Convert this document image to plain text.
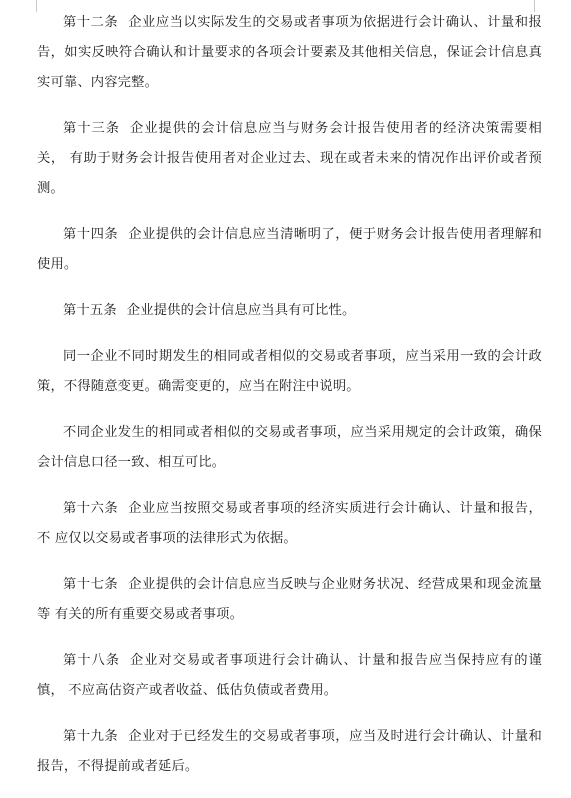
第十二条 企业应当以实际发生的交易或者事项为依据进行会计确认、计量和报告，如实反映符合确认和计量要求的各项会计要素及其他相关信息，保证会计信息真实可靠、内容完整。

第十三条 企业提供的会计信息应当与财务会计报告使用者的经济决策需要相关， 有助于财务会计报告使用者对企业过去、现在或者未来的情况作出评价或者预测。

第十四条 企业提供的会计信息应当清晰明了，便于财务会计报告使用者理解和使用。

第十五条 企业提供的会计信息应当具有可比性。

同一企业不同时期发生的相同或者相似的交易或者事项，应当采用一致的会计政策，不得随意变更。确需变更的，应当在附注中说明。

不同企业发生的相同或者相似的交易或者事项，应当采用规定的会计政策，确保会计信息口径一致、相互可比。

第十六条 企业应当按照交易或者事项的经济实质进行会计确认、计量和报告，不 应仅以交易或者事项的法律形式为依据。

第十七条 企业提供的会计信息应当反映与企业财务状况、经营成果和现金流量等 有关的所有重要交易或者事项。

第十八条 企业对交易或者事项进行会计确认、计量和报告应当保持应有的谨慎， 不应高估资产或者收益、低估负债或者费用。

第十九条 企业对于已经发生的交易或者事项，应当及时进行会计确认、计量和报告，不得提前或者延后。
